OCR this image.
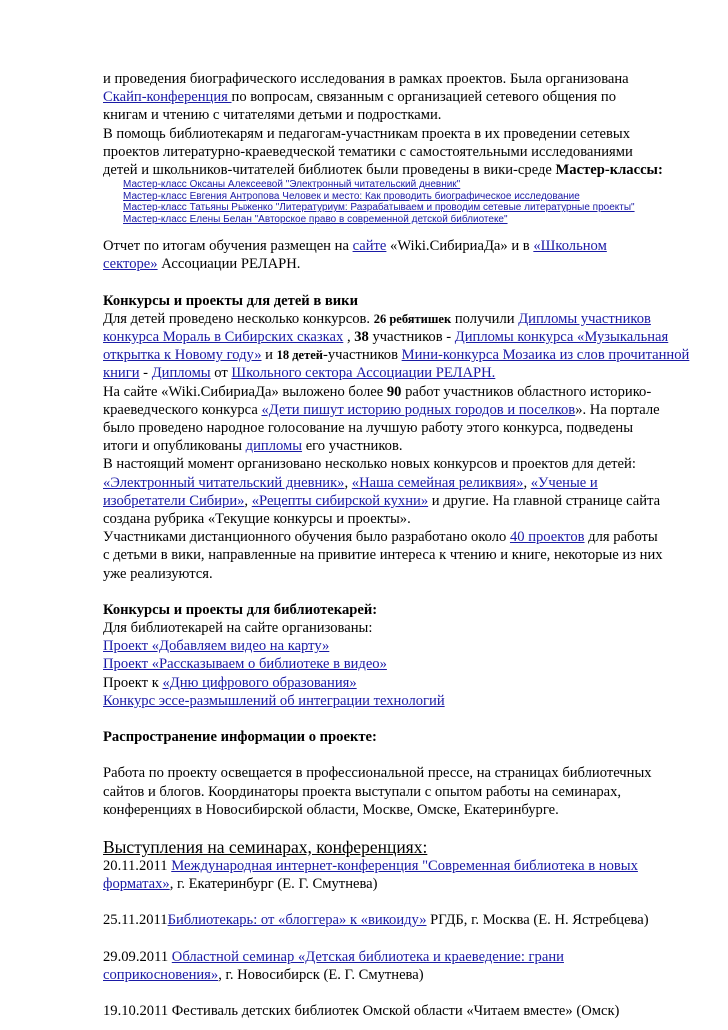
и проведения биографического исследования в рамках проектов. Была организована
Скайп-конференция по вопросам, связанным с организацией сетевого общения по
книгам и чтению с читателями детьми и подростками.
В помощь библиотекарям и педагогам-участникам проекта в их проведении сетевых
проектов литературно-краеведческой тематики с самостоятельными исследованиями
детей и школьников-читателей библиотек были проведены в вики-среде Мастер-классы:
Мастер-класс Оксаны Алексеевой "Электронный читательский дневник"
Мастер-класс Евгения Антропова Человек и место: Как проводить биографическое исследование
Мастер-класс Татьяны Рыженко "Литературиум: Разрабатываем и проводим сетевые литературные проекты"
Мастер-класс Елены Белан "Авторское право в современной детской библиотеке"
Отчет по итогам обучения размещен на сайте «Wiki.СибириаДа» и в «Школьном
секторе» Ассоциации РЕЛАРН.
Конкурсы и проекты для детей в вики
Для детей проведено несколько конкурсов. 26 ребятишек получили Дипломы участников
конкурса Мораль в Сибирских сказках , 38 участников - Дипломы конкурса «Музыкальная
открытка к Новому году» и 18 детей-участников Мини-конкурса Мозаика из слов прочитанной
книги - Дипломы от Школьного сектора Ассоциации РЕЛАРН.
На сайте «Wiki.СибириаДа» выложено более 90 работ участников областного историко-
краеведческого конкурса «Дети пишут историю родных городов и поселков». На портале
было проведено народное голосование на лучшую работу этого конкурса, подведены
итоги и опубликованы дипломы его участников.
В настоящий момент организовано несколько новых конкурсов и проектов для детей:
«Электронный читательский дневник», «Наша семейная реликвия», «Ученые и
изобретатели Сибири», «Рецепты сибирской кухни» и другие. На главной странице сайта
создана рубрика «Текущие конкурсы и проекты».
Участниками дистанционного обучения было разработано около 40 проектов для работы
с детьми в вики, направленные на привитие интереса к чтению и книге, некоторые из них
уже реализуются.
Конкурсы и проекты для библиотекарей:
Для библиотекарей на сайте организованы:
Проект «Добавляем видео на карту»
Проект «Рассказываем о библиотеке в видео»
Проект к «Дню цифрового образования»
Конкурс эссе-размышлений об интеграции технологий
Распространение информации о проекте:
Работа по проекту освещается в профессиональной прессе, на страницах библиотечных
сайтов и блогов. Координаторы проекта выступали с опытом работы на семинарах,
конференциях в Новосибирской области, Москве, Омске, Екатеринбурге.
Выступления на семинарах, конференциях:
20.11.2011 Международная интернет-конференция "Современная библиотека в новых
форматах», г. Екатеринбург (Е. Г. Смутнева)
25.11.2011Библиотекарь: от «блоггера» к «викоиду» РГДБ, г. Москва (Е. Н. Ястребцева)
29.09.2011 Областной семинар «Детская библиотека и краеведение: грани
соприкосновения», г. Новосибирск (Е. Г. Смутнева)
19.10.2011 Фестиваль детских библиотек Омской области «Читаем вместе» (Омск)
